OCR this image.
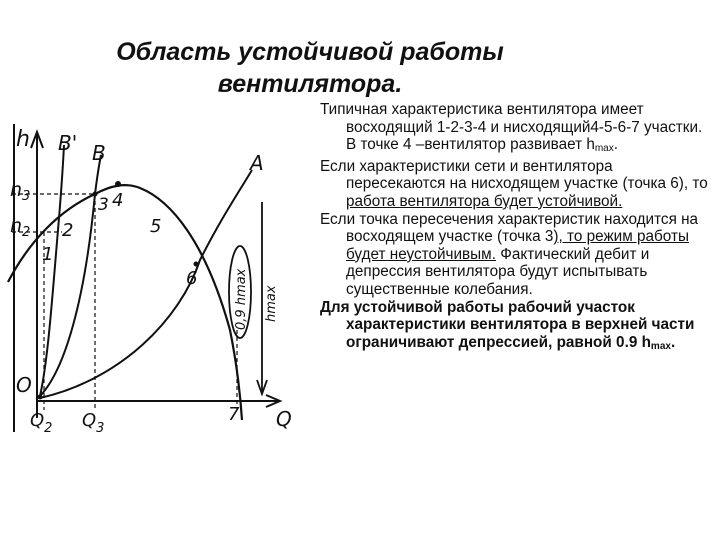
Область устойчивой работы
вентилятора.
h B' B	A
$h_3$
$h_2$
1
2
3 4
5
6
7
O
$Q_2$ $Q_3$	Q
0,9 hmax hmax

Типичная характеристика вентилятора имеет восходящий 1-2-3-4 и нисходящий4-5-6-7 участки. В точке 4 –вентилятор развивает $h_{max}$.

Если характеристики сети и вентилятора пересекаются на нисходящем участке (точка 6), то работа вентилятора будет устойчивой.

Если точка пересечения характеристик находится на восходящем участке (точка 3), то режим работы будет неустойчивым. Фактический дебит и депрессия вентилятора будут испытывать существенные колебания.

Для устойчивой работы рабочий участок характеристики вентилятора в верхней части ограничивают депрессией, равной 0.9 $h_{max}$.
